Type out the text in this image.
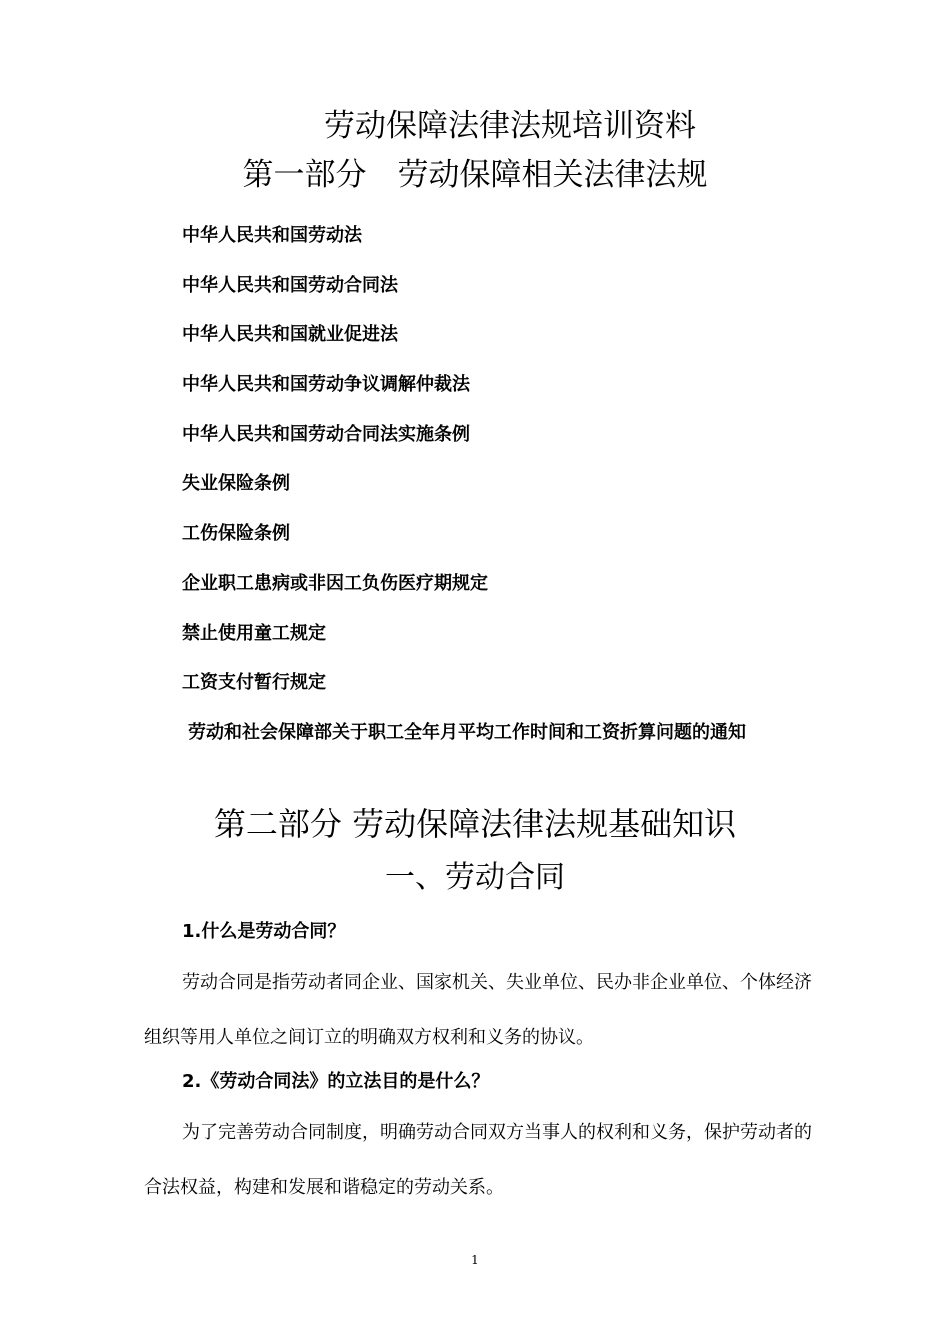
劳动保障法律法规培训资料
第一部分　劳动保障相关法律法规
中华人民共和国劳动法
中华人民共和国劳动合同法
中华人民共和国就业促进法
中华人民共和国劳动争议调解仲裁法
中华人民共和国劳动合同法实施条例
失业保险条例
工伤保险条例
企业职工患病或非因工负伤医疗期规定
禁止使用童工规定
工资支付暂行规定
劳动和社会保障部关于职工全年月平均工作时间和工资折算问题的通知
第二部分 劳动保障法律法规基础知识
一、劳动合同
1.什么是劳动合同？

劳动合同是指劳动者同企业、国家机关、失业单位、民办非企业单位、个体经济组织等用人单位之间订立的明确双方权利和义务的协议。

2.《劳动合同法》的立法目的是什么？

为了完善劳动合同制度，明确劳动合同双方当事人的权利和义务，保护劳动者的合法权益，构建和发展和谐稳定的劳动关系。

1
